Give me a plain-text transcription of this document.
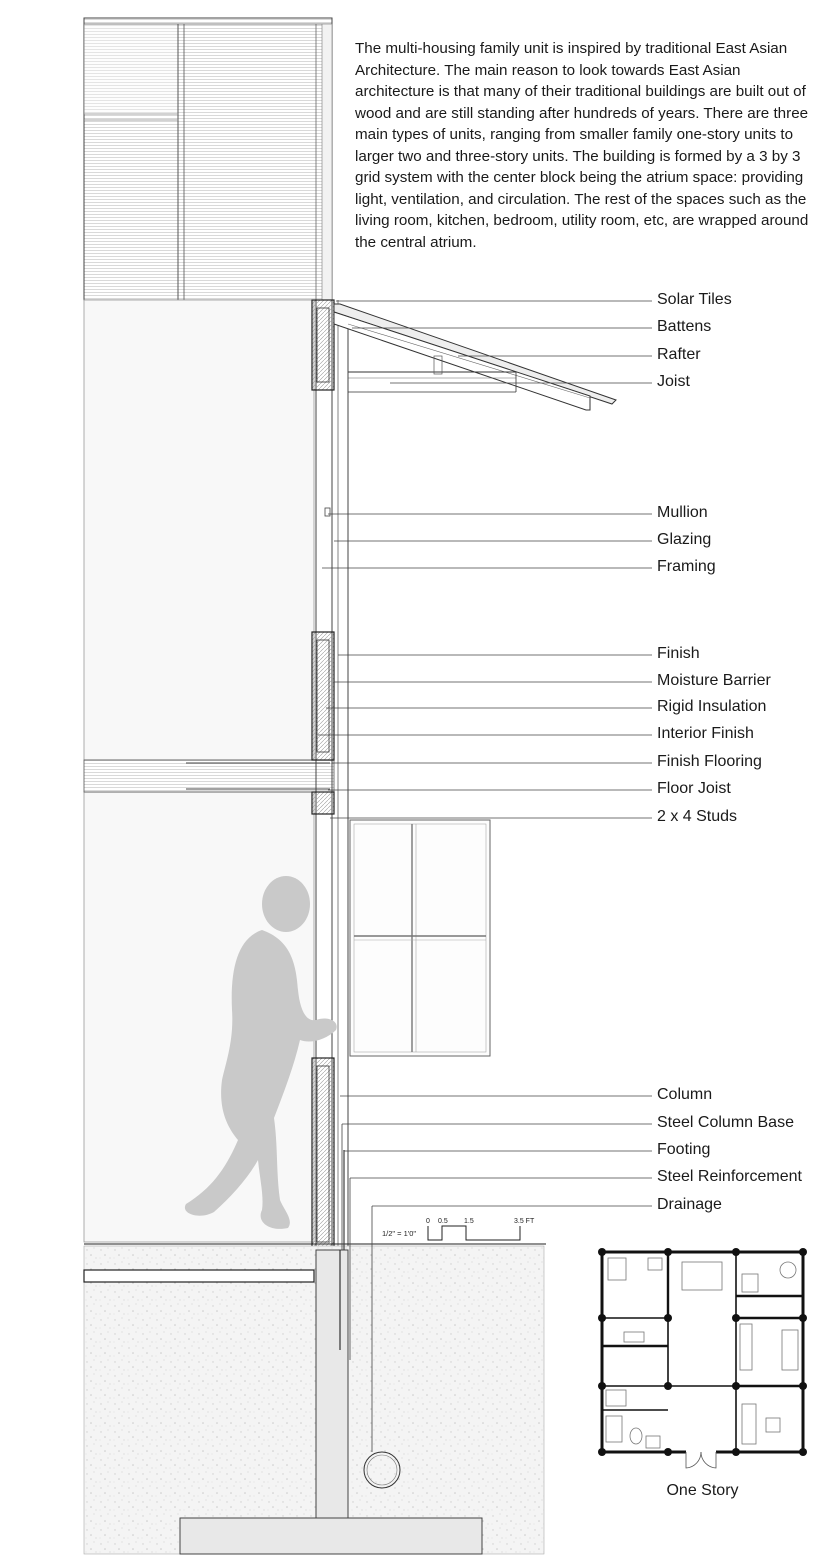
1/2" = 1'0"
0 0.5 1.5	3.5 FT

The multi-housing family unit is inspired by traditional East Asian Architecture. The main reason to look towards East Asian architecture is that many of their traditional buildings are built out of wood and are still standing after hundreds of years. There are three main types of units, ranging from smaller family one-story units to larger two and three-story units. The building is formed by a 3 by 3 grid system with the center block being the atrium space: providing light, ventilation, and circulation. The rest of the spaces such as the living room, kitchen, bedroom, utility room, etc, are wrapped around the central atrium.

Solar Tiles
Battens
Rafter
Joist
Mullion
Glazing
Framing
Finish
Moisture Barrier
Rigid Insulation
Interior Finish
Finish Flooring
Floor Joist
2 x 4 Studs
Column
Steel Column Base
Footing
Steel Reinforcement
Drainage
One Story
